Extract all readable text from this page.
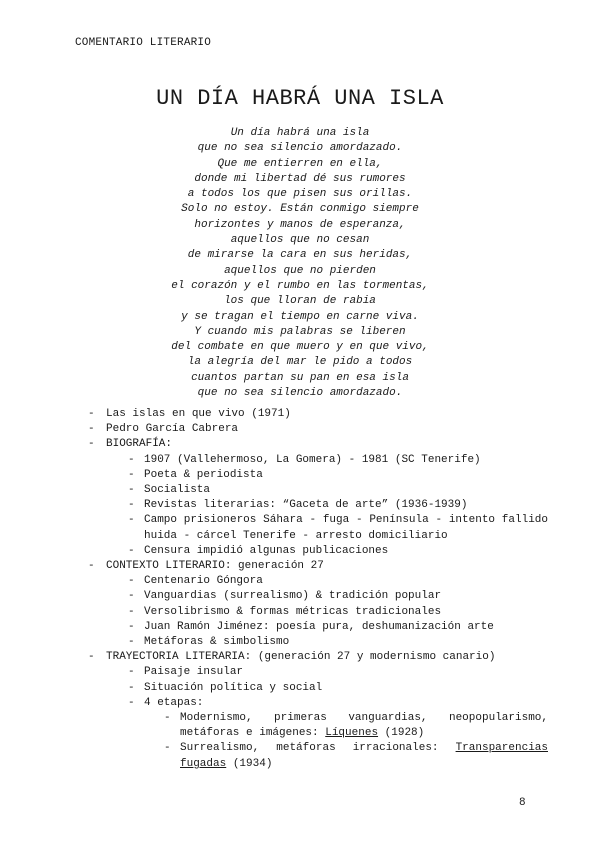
COMENTARIO LITERARIO
UN DÍA HABRÁ UNA ISLA
Un día habrá una isla
que no sea silencio amordazado.
Que me entierren en ella,
donde mi libertad dé sus rumores
a todos los que pisen sus orillas.
Solo no estoy. Están conmigo siempre
horizontes y manos de esperanza,
aquellos que no cesan
de mirarse la cara en sus heridas,
aquellos que no pierden
el corazón y el rumbo en las tormentas,
los que lloran de rabia
y se tragan el tiempo en carne viva.
Y cuando mis palabras se liberen
del combate en que muero y en que vivo,
la alegría del mar le pido a todos
cuantos partan su pan en esa isla
que no sea silencio amordazado.
-	Las islas en que vivo (1971)
-	Pedro García Cabrera
-	BIOGRAFÍA:
- 1907 (Vallehermoso, La Gomera) - 1981 (SC Tenerife)
- Poeta & periodista
- Socialista
- Revistas literarias: “Gaceta de arte” (1936-1939)
- Campo prisioneros Sáhara - fuga - Península - intento fallido huida - cárcel Tenerife - arresto domiciliario
- Censura impidió algunas publicaciones
-	CONTEXTO LITERARIO: generación 27
- Centenario Góngora
- Vanguardias (surrealismo) & tradición popular
- Versolibrismo & formas métricas tradicionales
- Juan Ramón Jiménez: poesía pura, deshumanización arte
- Metáforas & simbolismo
-	TRAYECTORIA LITERARIA: (generación 27 y modernismo canario)
- Paisaje insular
- Situación política y social
- 4 etapas:
- Modernismo, primeras vanguardias, neopopularismo, metáforas e imágenes: Líquenes (1928)
- Surrealismo, metáforas irracionales: Transparencias fugadas (1934)
8
